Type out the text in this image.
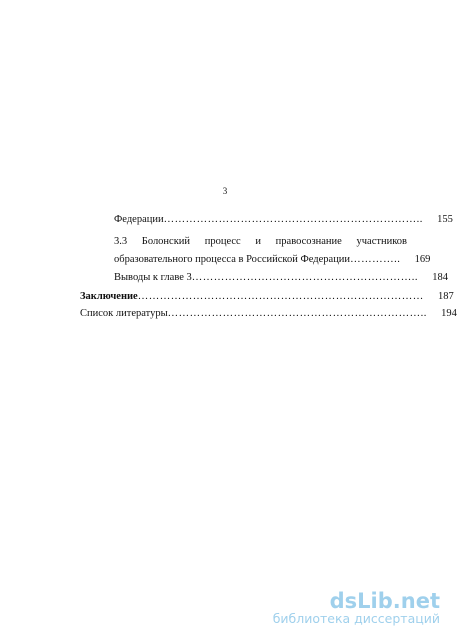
3
Федерации ……………………………………………………………..	155
3.3 Болонский процесс и правосознание участников
образовательного процесса в Российской Федерации …………..	169
Выводы к главе 3 ……………………………………………………..	184
Заключение ……………………………………………………………………	187
Список литературы ……………………………………………………………..	194
dsLib.net
библиотека диссертаций
